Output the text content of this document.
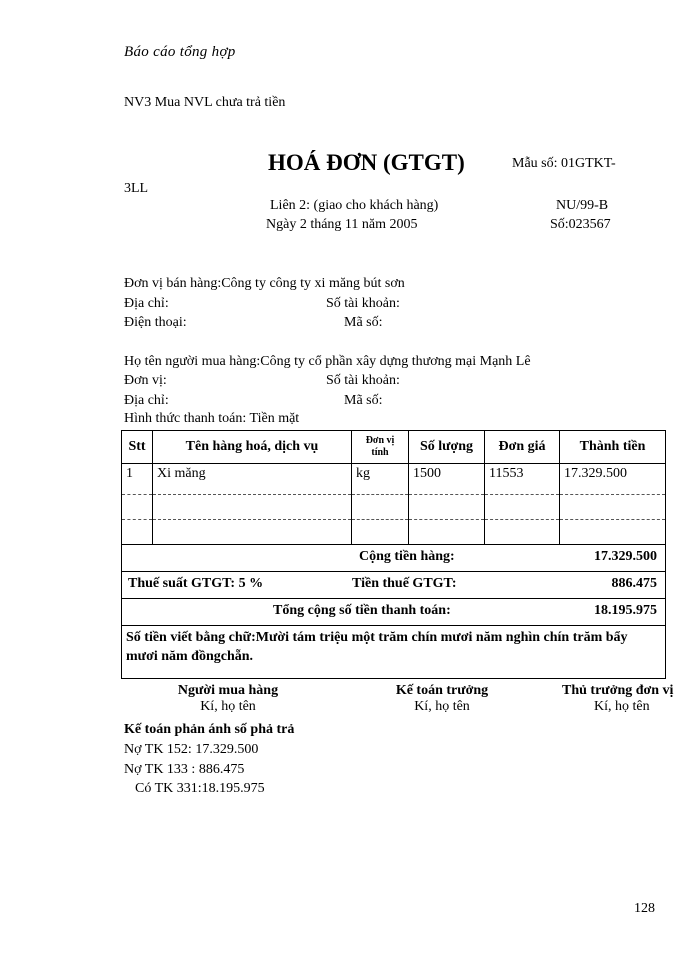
Báo cáo tổng hợp
NV3 Mua NVL chưa trả tiền
HOÁ ĐƠN (GTGT)	Mẫu số: 01GTKT-
3LL
Liên 2: (giao cho khách hàng)	NU/99-B
Ngày 2 tháng 11 năm 2005	Số:023567
Đơn vị bán hàng:Công ty công ty xi măng bút sơn
Địa chỉ:	Số tài khoản:
Điện thoại:	Mã số:
Họ tên người mua hàng:Công ty cổ phần xây dựng thương mại Mạnh Lê
Đơn vị:	Số tài khoản:
Địa chỉ:	Mã số:
Hình thức thanh toán: Tiền mặt
Stt	Tên hàng hoá, dịch vụ	Đơn vị tính	Số lượng	Đơn giá	Thành tiền
1	Xi măng	kg	1500	11553	17.329.500

Cộng tiền hàng: 17.329.500					

Thuế suất GTGT: 5 % Tiền thuế GTGT: 886.475					

Tổng cộng số tiền thanh toán: 18.195.975					

Số tiền viết bằng chữ:Mười tám triệu một trăm chín mươi năm nghìn chín trăm bẩy mươi năm đồngchẵn.					
Người mua hàng
Kí, họ tên
Kế toán trưởng
Kí, họ tên
Thủ trưởng đơn vị
Kí, họ tên
Kế toán phản ánh số phả trả
Nợ TK 152: 17.329.500
Nợ TK 133 : 886.475
Có TK 331:18.195.975
128
